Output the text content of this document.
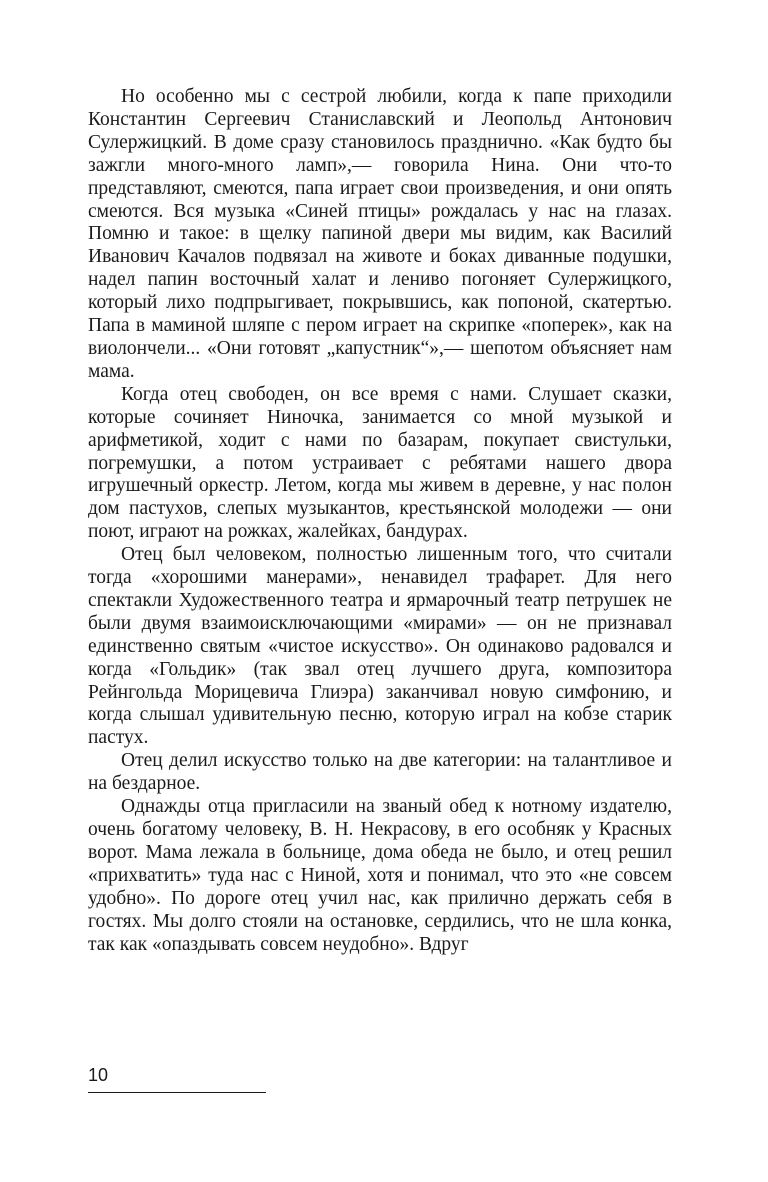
Но особенно мы с сестрой любили, когда к папе приходили Константин Сергеевич Станиславский и Леопольд Антонович Сулержицкий. В доме сразу становилось празднично. «Как будто бы зажгли много-много ламп»,— говорила Нина. Они что-то представляют, смеются, папа играет свои произведения, и они опять смеются. Вся музыка «Синей птицы» рождалась у нас на глазах. Помню и такое: в щелку папиной двери мы видим, как Василий Иванович Качалов подвязал на животе и боках диванные подушки, надел папин восточный халат и лениво погоняет Сулержицкого, который лихо подпрыгивает, покрывшись, как попоной, скатертью. Папа в маминой шляпе с пером играет на скрипке «поперек», как на виолончели... «Они готовят „капустник“»,— шепотом объясняет нам мама.

Когда отец свободен, он все время с нами. Слушает сказки, которые сочиняет Ниночка, занимается со мной музыкой и арифметикой, ходит с нами по базарам, покупает свистульки, погремушки, а потом устраивает с ребятами нашего двора игрушечный оркестр. Летом, когда мы живем в деревне, у нас полон дом пастухов, слепых музыкантов, крестьянской молодежи — они поют, играют на рожках, жалейках, бандурах.

Отец был человеком, полностью лишенным того, что считали тогда «хорошими манерами», ненавидел трафарет. Для него спектакли Художественного театра и ярмарочный театр петрушек не были двумя взаимоисключающими «мирами» — он не признавал единственно святым «чистое искусство». Он одинаково радовался и когда «Гольдик» (так звал отец лучшего друга, композитора Рейнгольда Морицевича Глиэра) заканчивал новую симфонию, и когда слышал удивительную песню, которую играл на кобзе старик пастух.

Отец делил искусство только на две категории: на талантливое и на бездарное.

Однажды отца пригласили на званый обед к нотному издателю, очень богатому человеку, В. Н. Некрасову, в его особняк у Красных ворот. Мама лежала в больнице, дома обеда не было, и отец решил «прихватить» туда нас с Ниной, хотя и понимал, что это «не совсем удобно». По дороге отец учил нас, как прилично держать себя в гостях. Мы долго стояли на остановке, сердились, что не шла конка, так как «опаздывать совсем неудобно». Вдруг

10
